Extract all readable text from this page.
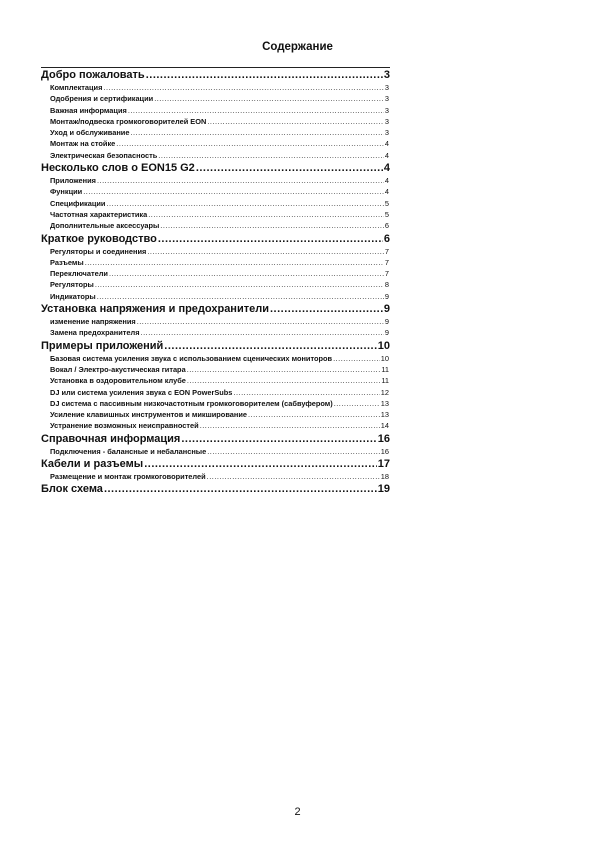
Содержание
Добро пожаловать .....	3
Комплектация .....	3
Одобрения и сертификации .....	3
Важная информация .....	3
Монтаж/подвеска громкоговорителей EON .....	3
Уход и обслуживание .....	3
Монтаж на стойке .....	4
Электрическая безопасность .....	4
Несколько слов о EON15 G2 .....	4
Приложения .....	4
Функции .....	4
Спецификации .....	5
Частотная характеристика .....	5
Дополнительные аксессуары .....	6
Краткое руководство .....	6
Регуляторы и соединения .....	7
Разъемы .....	7
Переключатели .....	7
Регуляторы .....	8
Индикаторы .....	9
Установка напряжения и предохранители .....	9
изменение напряжения .....	9
Замена предохранителя .....	9
Примеры приложений .....	10
Базовая система усиления звука с использованием сценических мониторов .....	10
Вокал / Электро-акустическая гитара .....	11
Установка в оздоровительном клубе .....	11
DJ или система усиления звука с EON PowerSubs .....	12
DJ система с пассивным низкочастотным громкоговорителем (сабвуфером) .....	13
Усиление клавишных инструментов и микширование .....	13
Устранение возможных неисправностей .....	14
Справочная информация .....	16
Подключения - балансные и небалансные .....	16
Кабели и разъемы .....	17
Размещение и монтаж громкоговорителей .....	18
Блок схема .....	19
2
